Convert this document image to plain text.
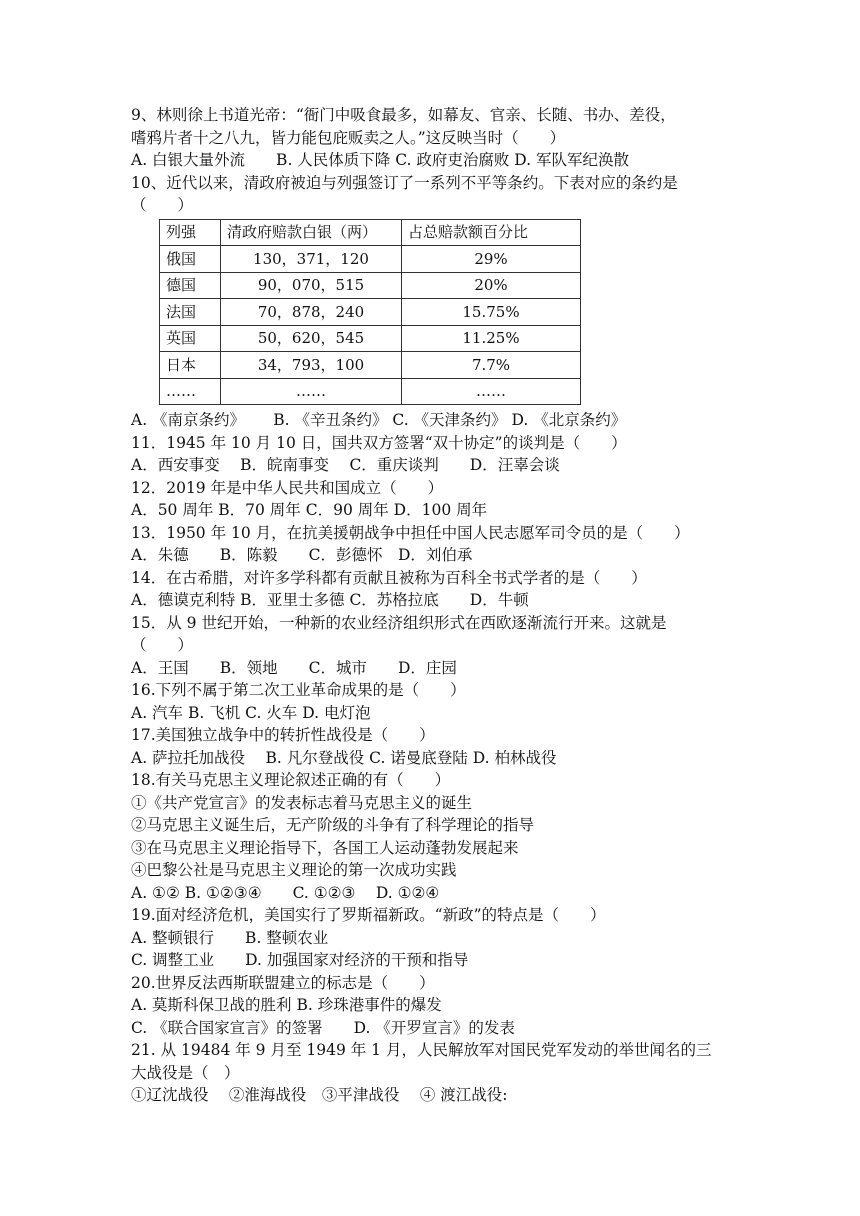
9、林则徐上书道光帝：“衙门中吸食最多，如幕友、官亲、长随、书办、差役，
嗜鸦片者十之八九，皆力能包庇贩卖之人。”这反映当时（　　）
A. 白银大量外流　　B. 人民体质下降 C. 政府吏治腐败 D. 军队军纪涣散
10、近代以来，清政府被迫与列强签订了一系列不平等条约。下表对应的条约是
（　　）
列强	清政府赔款白银（两）	占总赔款额百分比
俄国	130，371，120	29%
德国	90，070，515	20%
法国	70，878，240	15.75%
英国	50，620，545	11.25%
日本	34，793，100	7.7%
……	……	……
A. 《南京条约》　　 B. 《辛丑条约》 C. 《天津条约》 D. 《北京条约》
11．1945 年 10 月 10 日，国共双方签署“双十协定”的谈判是（　　）
A．西安事变　 B．皖南事变　 C．重庆谈判　　D．汪辜会谈
12．2019 年是中华人民共和国成立（　　）
A．50 周年 B．70 周年 C．90 周年 D．100 周年
13．1950 年 10 月，在抗美援朝战争中担任中国人民志愿军司令员的是（　　）
A．朱德　　B．陈毅　　C．彭德怀　D．刘伯承
14．在古希腊，对许多学科都有贡献且被称为百科全书式学者的是（　　）
A．德谟克利特 B．亚里士多德 C．苏格拉底　　D．牛顿
15．从 9 世纪开始，一种新的农业经济组织形式在西欧逐渐流行开来。这就是
（　　）
A．王国　　B．领地　　C．城市　　D．庄园
16.下列不属于第二次工业革命成果的是（　　）
A. 汽车 B. 飞机 C. 火车 D. 电灯泡
17.美国独立战争中的转折性战役是（　　）
A. 萨拉托加战役　 B. 凡尔登战役 C. 诺曼底登陆 D. 柏林战役
18.有关马克思主义理论叙述正确的有（　　）
①《共产党宣言》的发表标志着马克思主义的诞生
②马克思主义诞生后，无产阶级的斗争有了科学理论的指导
③在马克思主义理论指导下，各国工人运动蓬勃发展起来
④巴黎公社是马克思主义理论的第一次成功实践
A. ①② B. ①②③④　　C. ①②③　 D. ①②④
19.面对经济危机，美国实行了罗斯福新政。“新政”的特点是（　　）
A. 整顿银行　　B. 整顿农业
C. 调整工业　　D. 加强国家对经济的干预和指导
20.世界反法西斯联盟建立的标志是（　　）
A. 莫斯科保卫战的胜利 B. 珍珠港事件的爆发
C. 《联合国家宣言》的签署　　D. 《开罗宣言》的发表
21. 从 19484 年 9 月至 1949 年 1 月，人民解放军对国民党军发动的举世闻名的三
大战役是（　）
①辽沈战役　 ②淮海战役　③平津战役　 ④ 渡江战役:
